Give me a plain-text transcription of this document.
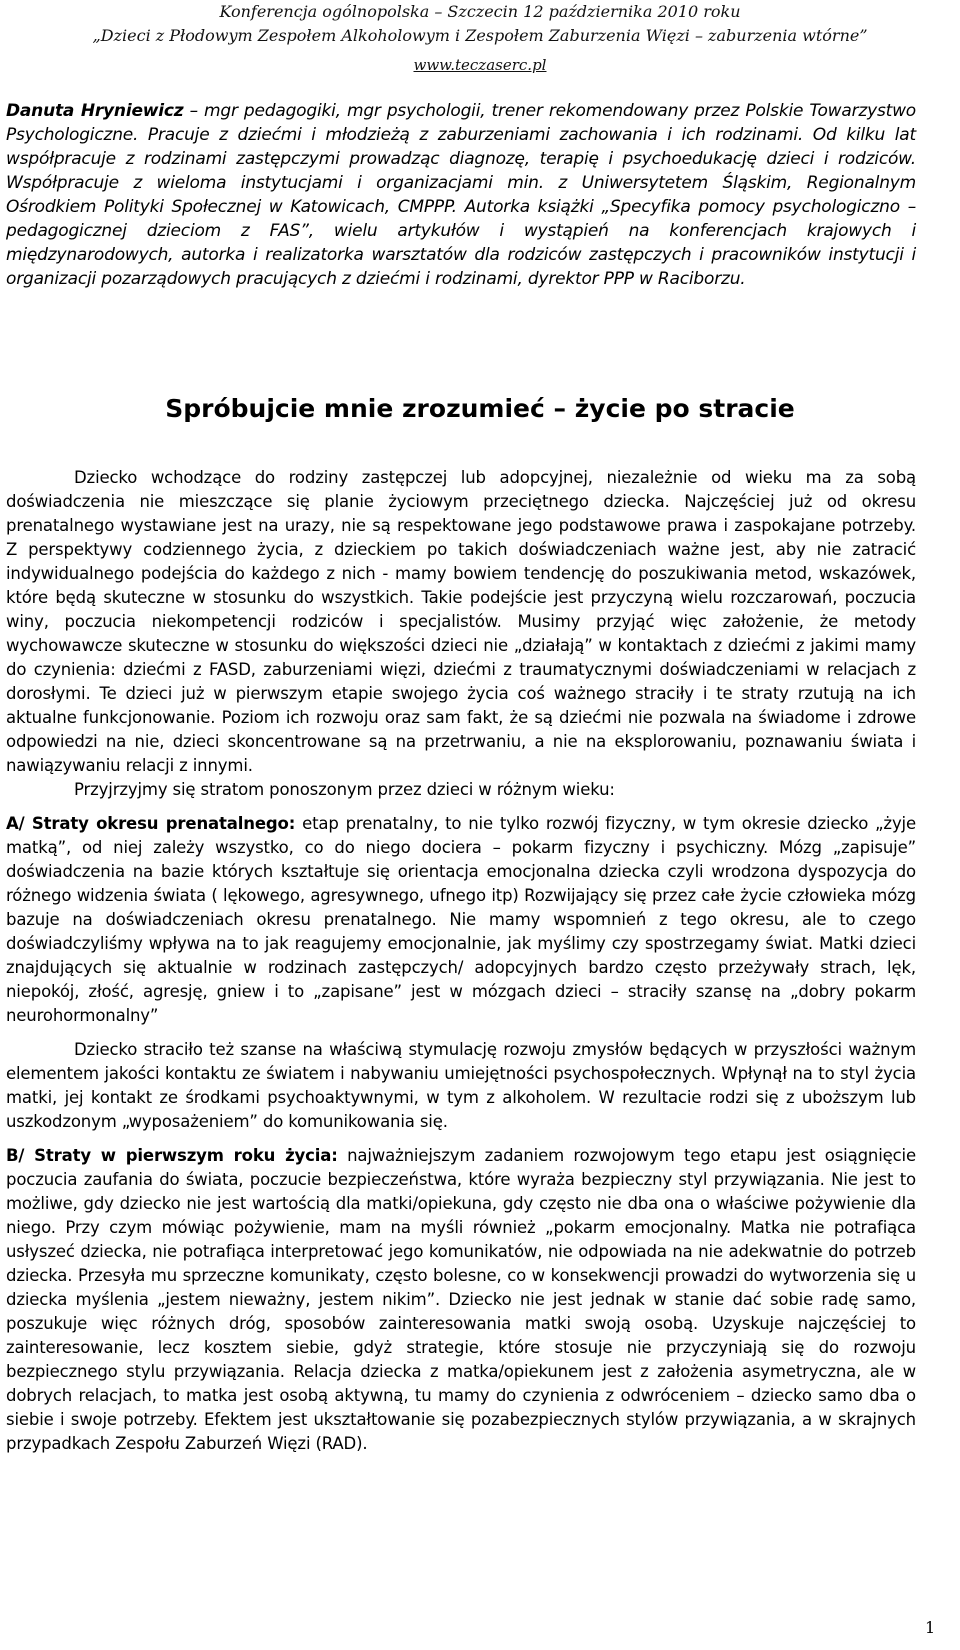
Konferencja ogólnopolska – Szczecin 12 października 2010 roku
„Dzieci z Płodowym Zespołem Alkoholowym i Zespołem Zaburzenia Więzi – zaburzenia wtórne”
www.teczaserc.pl
Danuta Hryniewicz – mgr pedagogiki, mgr psychologii, trener rekomendowany przez Polskie Towarzystwo Psychologiczne. Pracuje z dziećmi i młodzieżą z zaburzeniami zachowania i ich rodzinami. Od kilku lat współpracuje z rodzinami zastępczymi prowadząc diagnozę, terapię i psychoedukację dzieci i rodziców. Współpracuje z wieloma instytucjami i organizacjami min. z Uniwersytetem Śląskim, Regionalnym Ośrodkiem Polityki Społecznej w Katowicach, CMPPP. Autorka książki „Specyfika pomocy psychologiczno – pedagogicznej dzieciom z FAS”, wielu artykułów i wystąpień na konferencjach krajowych i międzynarodowych, autorka i realizatorka warsztatów dla rodziców zastępczych i pracowników instytucji i organizacji pozarządowych pracujących z dziećmi i rodzinami, dyrektor PPP w Raciborzu.
Spróbujcie mnie zrozumieć – życie po stracie

Dziecko wchodzące do rodziny zastępczej lub adopcyjnej, niezależnie od wieku ma za sobą doświadczenia nie mieszczące się planie życiowym przeciętnego dziecka. Najczęściej już od okresu prenatalnego wystawiane jest na urazy, nie są respektowane jego podstawowe prawa i zaspokajane potrzeby. Z perspektywy codziennego życia, z dzieckiem po takich doświadczeniach ważne jest, aby nie zatracić indywidualnego podejścia do każdego z nich - mamy bowiem tendencję do poszukiwania metod, wskazówek, które będą skuteczne w stosunku do wszystkich. Takie podejście jest przyczyną wielu rozczarowań, poczucia winy, poczucia niekompetencji rodziców i specjalistów. Musimy przyjąć więc założenie, że metody wychowawcze skuteczne w stosunku do większości dzieci nie „działają” w kontaktach z dziećmi z jakimi mamy do czynienia: dziećmi z FASD, zaburzeniami więzi, dziećmi z traumatycznymi doświadczeniami w relacjach z dorosłymi. Te dzieci już w pierwszym etapie swojego życia coś ważnego straciły i te straty rzutują na ich aktualne funkcjonowanie. Poziom ich rozwoju oraz sam fakt, że są dziećmi nie pozwala na świadome i zdrowe odpowiedzi na nie, dzieci skoncentrowane są na przetrwaniu, a nie na eksplorowaniu, poznawaniu świata i nawiązywaniu relacji z innymi.

Przyjrzyjmy się stratom ponoszonym przez dzieci w różnym wieku:

A/ Straty okresu prenatalnego: etap prenatalny, to nie tylko rozwój fizyczny, w tym okresie dziecko „żyje matką”, od niej zależy wszystko, co do niego dociera – pokarm fizyczny i psychiczny. Mózg „zapisuje” doświadczenia na bazie których kształtuje się orientacja emocjonalna dziecka czyli wrodzona dyspozycja do różnego widzenia świata ( lękowego, agresywnego, ufnego itp) Rozwijający się przez całe życie człowieka mózg bazuje na doświadczeniach okresu prenatalnego. Nie mamy wspomnień z tego okresu, ale to czego doświadczyliśmy wpływa na to jak reagujemy emocjonalnie, jak myślimy czy spostrzegamy świat. Matki dzieci znajdujących się aktualnie w rodzinach zastępczych/ adopcyjnych bardzo często przeżywały strach, lęk, niepokój, złość, agresję, gniew i to „zapisane” jest w mózgach dzieci – straciły szansę na „dobry pokarm neurohormonalny”

Dziecko straciło też szanse na właściwą stymulację rozwoju zmysłów będących w przyszłości ważnym elementem jakości kontaktu ze światem i nabywaniu umiejętności psychospołecznych. Wpłynął na to styl życia matki, jej kontakt ze środkami psychoaktywnymi, w tym z alkoholem. W rezultacie rodzi się z uboższym lub uszkodzonym „wyposażeniem” do komunikowania się.

B/ Straty w pierwszym roku życia: najważniejszym zadaniem rozwojowym tego etapu jest osiągnięcie poczucia zaufania do świata, poczucie bezpieczeństwa, które wyraża bezpieczny styl przywiązania. Nie jest to możliwe, gdy dziecko nie jest wartością dla matki/opiekuna, gdy często nie dba ona o właściwe pożywienie dla niego. Przy czym mówiąc pożywienie, mam na myśli również „pokarm emocjonalny. Matka nie potrafiąca usłyszeć dziecka, nie potrafiąca interpretować jego komunikatów, nie odpowiada na nie adekwatnie do potrzeb dziecka. Przesyła mu sprzeczne komunikaty, często bolesne, co w konsekwencji prowadzi do wytworzenia się u dziecka myślenia „jestem nieważny, jestem nikim”. Dziecko nie jest jednak w stanie dać sobie radę samo, poszukuje więc różnych dróg, sposobów zainteresowania matki swoją osobą. Uzyskuje najczęściej to zainteresowanie, lecz kosztem siebie, gdyż strategie, które stosuje nie przyczyniają się do rozwoju bezpiecznego stylu przywiązania. Relacja dziecka z matka/opiekunem jest z założenia asymetryczna, ale w dobrych relacjach, to matka jest osobą aktywną, tu mamy do czynienia z odwróceniem – dziecko samo dba o siebie i swoje potrzeby. Efektem jest ukształtowanie się pozabezpiecznych stylów przywiązania, a w skrajnych przypadkach Zespołu Zaburzeń Więzi (RAD).

1
